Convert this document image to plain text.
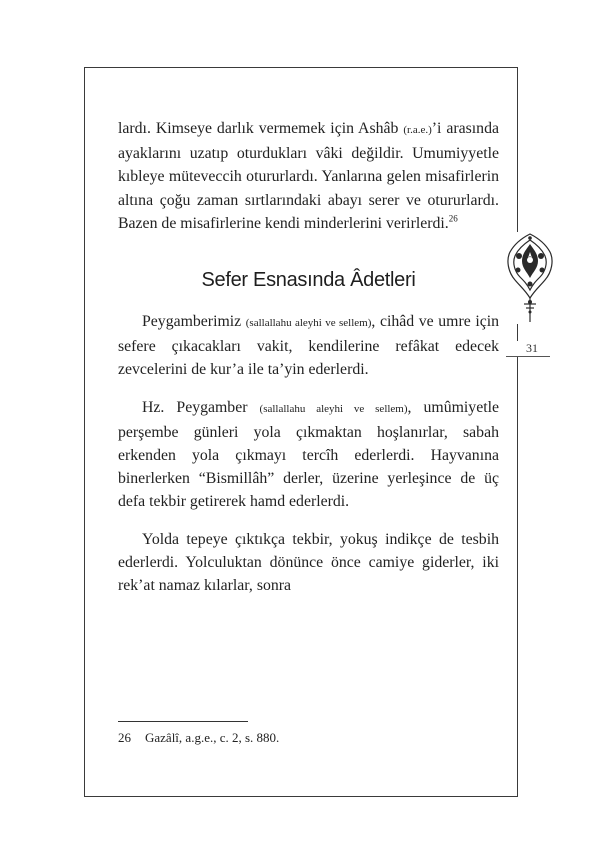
31

lardı. Kimseye darlık vermemek için Ashâb (r.a.e.)’i arasında ayaklarını uzatıp oturdukları vâki değildir. Umumiyyetle kıbleye müteveccih otururlardı. Yanlarına gelen misafirlerin altına çoğu zaman sırtlarındaki abayı serer ve otururlardı. Bazen de misafirlerine kendi minderlerini verirlerdi.$^{26}$

Sefer Esnasında Âdetleri

Peygamberimiz (sallallahu aleyhi ve sellem), cihâd ve umre için sefere çıkacakları vakit, kendilerine refâkat edecek zevcelerini de kur’a ile ta’yin ederlerdi.

Hz. Peygamber (sallallahu aleyhi ve sellem), umûmiyetle perşembe günleri yola çıkmaktan hoşlanırlar, sabah erkenden yola çıkmayı tercîh ederlerdi. Hayvanına binerlerken “Bismillâh” derler, üzerine yerleşince de üç defa tekbir getirerek hamd ederlerdi.

Yolda tepeye çıktıkça tekbir, yokuş indikçe de tesbih ederlerdi. Yolculuktan dönünce önce camiye giderler, iki rek’at namaz kılarlar, sonra

26 Gazâlî, a.g.e., c. 2, s. 880.
